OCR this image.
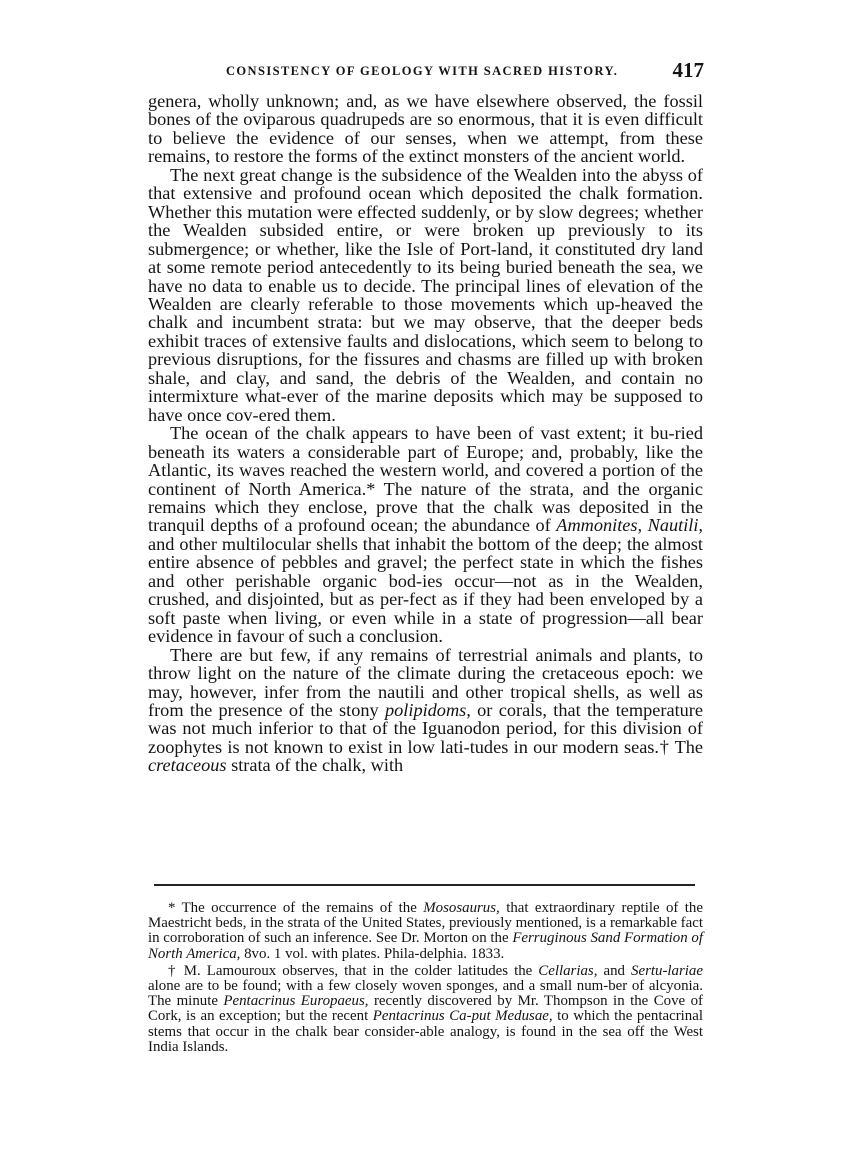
CONSISTENCY OF GEOLOGY WITH SACRED HISTORY.	417

genera, wholly unknown; and, as we have elsewhere observed, the fossil bones of the oviparous quadrupeds are so enormous, that it is even difficult to believe the evidence of our senses, when we attempt, from these remains, to restore the forms of the extinct monsters of the ancient world.

The next great change is the subsidence of the Wealden into the abyss of that extensive and profound ocean which deposited the chalk formation. Whether this mutation were effected suddenly, or by slow degrees; whether the Wealden subsided entire, or were broken up previously to its submergence; or whether, like the Isle of Port-land, it constituted dry land at some remote period antecedently to its being buried beneath the sea, we have no data to enable us to decide. The principal lines of elevation of the Wealden are clearly referable to those movements which up-heaved the chalk and incumbent strata: but we may observe, that the deeper beds exhibit traces of extensive faults and dislocations, which seem to belong to previous disruptions, for the fissures and chasms are filled up with broken shale, and clay, and sand, the debris of the Wealden, and contain no intermixture what-ever of the marine deposits which may be supposed to have once cov-ered them.

The ocean of the chalk appears to have been of vast extent; it bu-ried beneath its waters a considerable part of Europe; and, probably, like the Atlantic, its waves reached the western world, and covered a portion of the continent of North America.* The nature of the strata, and the organic remains which they enclose, prove that the chalk was deposited in the tranquil depths of a profound ocean; the abundance of Ammonites, Nautili, and other multilocular shells that inhabit the bottom of the deep; the almost entire absence of pebbles and gravel; the perfect state in which the fishes and other perishable organic bod-ies occur—not as in the Wealden, crushed, and disjointed, but as per-fect as if they had been enveloped by a soft paste when living, or even while in a state of progression—all bear evidence in favour of such a conclusion.

There are but few, if any remains of terrestrial animals and plants, to throw light on the nature of the climate during the cretaceous epoch: we may, however, infer from the nautili and other tropical shells, as well as from the presence of the stony polipidoms, or corals, that the temperature was not much inferior to that of the Iguanodon period, for this division of zoophytes is not known to exist in low lati-tudes in our modern seas.† The cretaceous strata of the chalk, with

* The occurrence of the remains of the Mososaurus, that extraordinary reptile of the Maestricht beds, in the strata of the United States, previously mentioned, is a remarkable fact in corroboration of such an inference. See Dr. Morton on the Ferruginous Sand Formation of North America, 8vo. 1 vol. with plates. Phila-delphia. 1833.

† M. Lamouroux observes, that in the colder latitudes the Cellarias, and Sertu-lariae alone are to be found; with a few closely woven sponges, and a small num-ber of alcyonia. The minute Pentacrinus Europaeus, recently discovered by Mr. Thompson in the Cove of Cork, is an exception; but the recent Pentacrinus Ca-put Medusae, to which the pentacrinal stems that occur in the chalk bear consider-able analogy, is found in the sea off the West India Islands.
